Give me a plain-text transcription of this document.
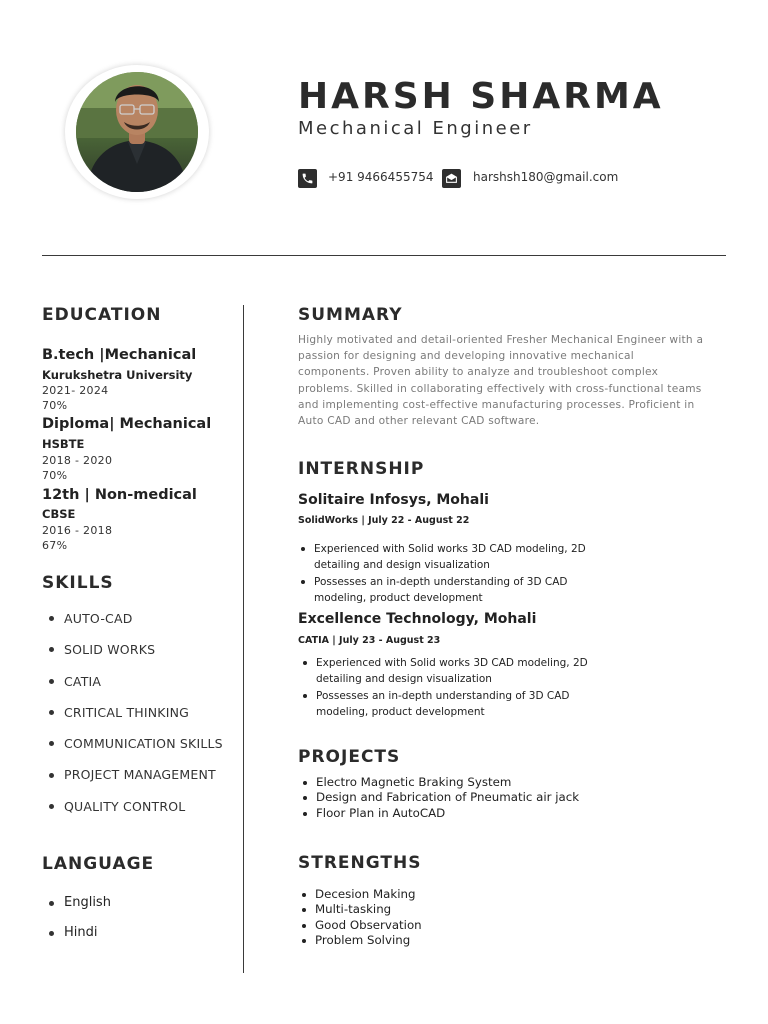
HARSH SHARMA
Mechanical Engineer
+91 9466455754	harshsh180@gmail.com
EDUCATION
B.tech |Mechanical
Kurukshetra University
2021- 2024
70%
Diploma| Mechanical
HSBTE
2018 - 2020
70%
12th | Non-medical
CBSE
2016 - 2018
67%
SKILLS
AUTO-CAD
SOLID WORKS
CATIA
CRITICAL THINKING
COMMUNICATION SKILLS
PROJECT MANAGEMENT
QUALITY CONTROL
LANGUAGE
English
Hindi
SUMMARY
Highly motivated and detail-oriented Fresher Mechanical Engineer with a passion for designing and developing innovative mechanical components. Proven ability to analyze and troubleshoot complex problems. Skilled in collaborating effectively with cross-functional teams and implementing cost-effective manufacturing processes. Proficient in Auto CAD and other relevant CAD software.
INTERNSHIP
Solitaire Infosys, Mohali
SolidWorks | July 22 - August 22
Experienced with Solid works 3D CAD modeling, 2D detailing and design visualization
Possesses an in-depth understanding of 3D CAD modeling, product development
Excellence Technology, Mohali
CATIA | July 23 - August 23
Experienced with Solid works 3D CAD modeling, 2D detailing and design visualization
Possesses an in-depth understanding of 3D CAD modeling, product development
PROJECTS
Electro Magnetic Braking System
Design and Fabrication of Pneumatic air jack
Floor Plan in AutoCAD
STRENGTHS
Decesion Making
Multi-tasking
Good Observation
Problem Solving
